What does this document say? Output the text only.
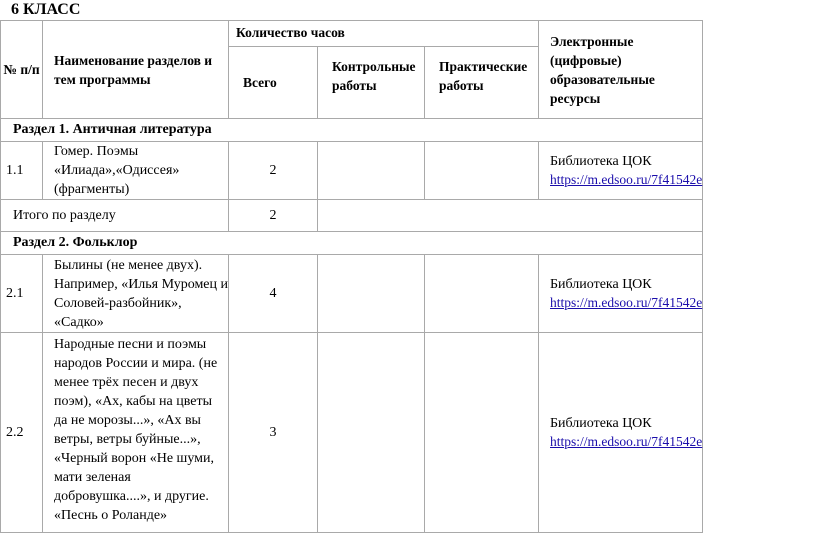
6 КЛАСС
№ п/п	Наименование разделов и тем программы	Количество часов			Электронные (цифровые) образовательные ресурсы
		Всего	Контрольные работы	Практические работы	
Раздел 1. Античная литература					
1.1	Гомер. Поэмы «Илиада»,«Одиссея» (фрагменты)	2			Библиотека ЦОК
https://m.edsoo.ru/7f41542e

Итого по разделу		2			
Раздел 2. Фольклор					
2.1	Былины (не менее двух). Например, «Илья Муромец и Соловей-разбойник», «Садко»	4			Библиотека ЦОК
https://m.edsoo.ru/7f41542e

2.2	Народные песни и поэмы народов России и мира. (не менее трёх песен и двух поэм), «Ах, кабы на цветы да не морозы...», «Ах вы ветры, ветры буйные...», «Черный ворон «Не шуми, мати зеленая добровушка....», и другие. «Песнь о Роланде»	3			Библиотека ЦОК
https://m.edsoo.ru/7f41542e
